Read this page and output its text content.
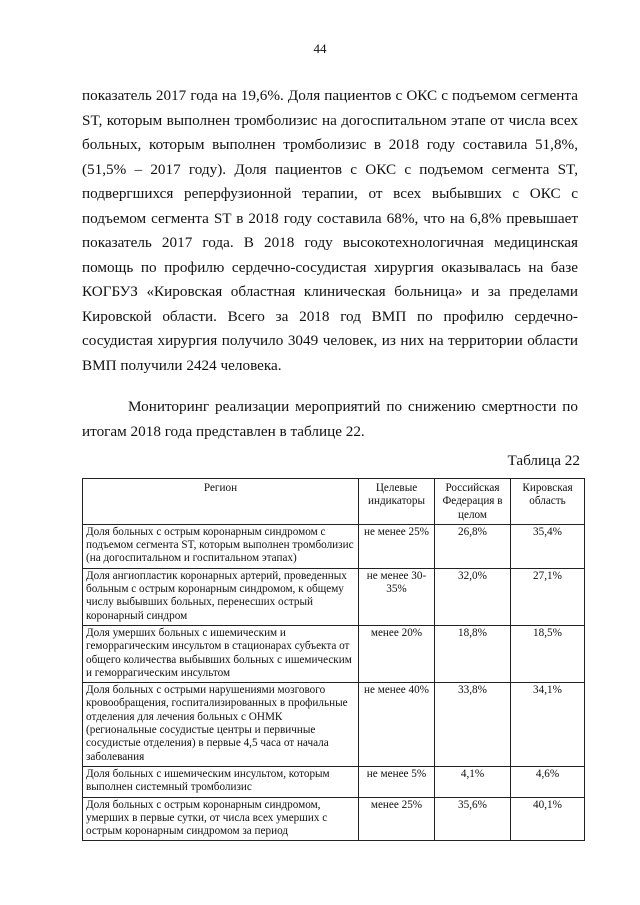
44
показатель 2017 года на 19,6%. Доля пациентов с ОКС с подъемом сегмента
ST, которым выполнен тромболизис на догоспитальном этапе от числа всех
больных, которым выполнен тромболизис в 2018 году составила 51,8%,
(51,5% – 2017 году). Доля пациентов с ОКС с подъемом сегмента ST,
подвергшихся реперфузионной терапии, от всех выбывших с ОКС с
подъемом сегмента ST в 2018 году составила 68%, что на 6,8% превышает
показатель 2017 года. В 2018 году высокотехнологичная медицинская
помощь по профилю сердечно-сосудистая хирургия оказывалась на базе
КОГБУЗ «Кировская областная клиническая больница» и за пределами
Кировской области. Всего за 2018 год ВМП по профилю сердечно-
сосудистая хирургия получило 3049 человек, из них на территории области
ВМП получили 2424 человека.
Мониторинг реализации мероприятий по снижению смертности по
итогам 2018 года представлен в таблице 22.
Таблица 22
Регион	Целевые индикаторы	Российская Федерация в целом	Кировская область
Доля больных с острым коронарным синдромом с подъемом сегмента ST, которым выполнен тромболизис (на догоспитальном и госпитальном этапах)	не менее 25%	26,8%	35,4%
Доля ангиопластик коронарных артерий, проведенных больным с острым коронарным синдромом, к общему числу выбывших больных, перенесших острый коронарный синдром	не менее 30-35%	32,0%	27,1%
Доля умерших больных с ишемическим и геморрагическим инсультом в стационарах субъекта от общего количества выбывших больных с ишемическим и геморрагическим инсультом	менее 20%	18,8%	18,5%
Доля больных с острыми нарушениями мозгового кровообращения, госпитализированных в профильные отделения для лечения больных с ОНМК (региональные сосудистые центры и первичные сосудистые отделения) в первые 4,5 часа от начала заболевания	не менее 40%	33,8%	34,1%
Доля больных с ишемическим инсультом, которым выполнен системный тромболизис	не менее 5%	4,1%	4,6%
Доля больных с острым коронарным синдромом, умерших в первые сутки, от числа всех умерших с острым коронарным синдромом за период	менее 25%	35,6%	40,1%
